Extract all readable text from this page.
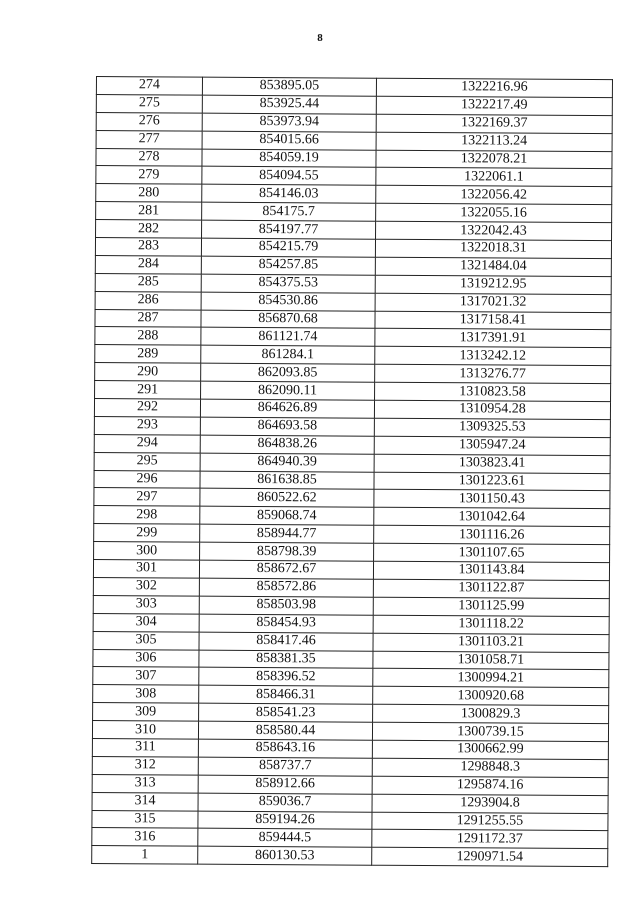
8
274	853895.05	1322216.96
275	853925.44	1322217.49
276	853973.94	1322169.37
277	854015.66	1322113.24
278	854059.19	1322078.21
279	854094.55	1322061.1
280	854146.03	1322056.42
281	854175.7	1322055.16
282	854197.77	1322042.43
283	854215.79	1322018.31
284	854257.85	1321484.04
285	854375.53	1319212.95
286	854530.86	1317021.32
287	856870.68	1317158.41
288	861121.74	1317391.91
289	861284.1	1313242.12
290	862093.85	1313276.77
291	862090.11	1310823.58
292	864626.89	1310954.28
293	864693.58	1309325.53
294	864838.26	1305947.24
295	864940.39	1303823.41
296	861638.85	1301223.61
297	860522.62	1301150.43
298	859068.74	1301042.64
299	858944.77	1301116.26
300	858798.39	1301107.65
301	858672.67	1301143.84
302	858572.86	1301122.87
303	858503.98	1301125.99
304	858454.93	1301118.22
305	858417.46	1301103.21
306	858381.35	1301058.71
307	858396.52	1300994.21
308	858466.31	1300920.68
309	858541.23	1300829.3
310	858580.44	1300739.15
311	858643.16	1300662.99
312	858737.7	1298848.3
313	858912.66	1295874.16
314	859036.7	1293904.8
315	859194.26	1291255.55
316	859444.5	1291172.37
1	860130.53	1290971.54
